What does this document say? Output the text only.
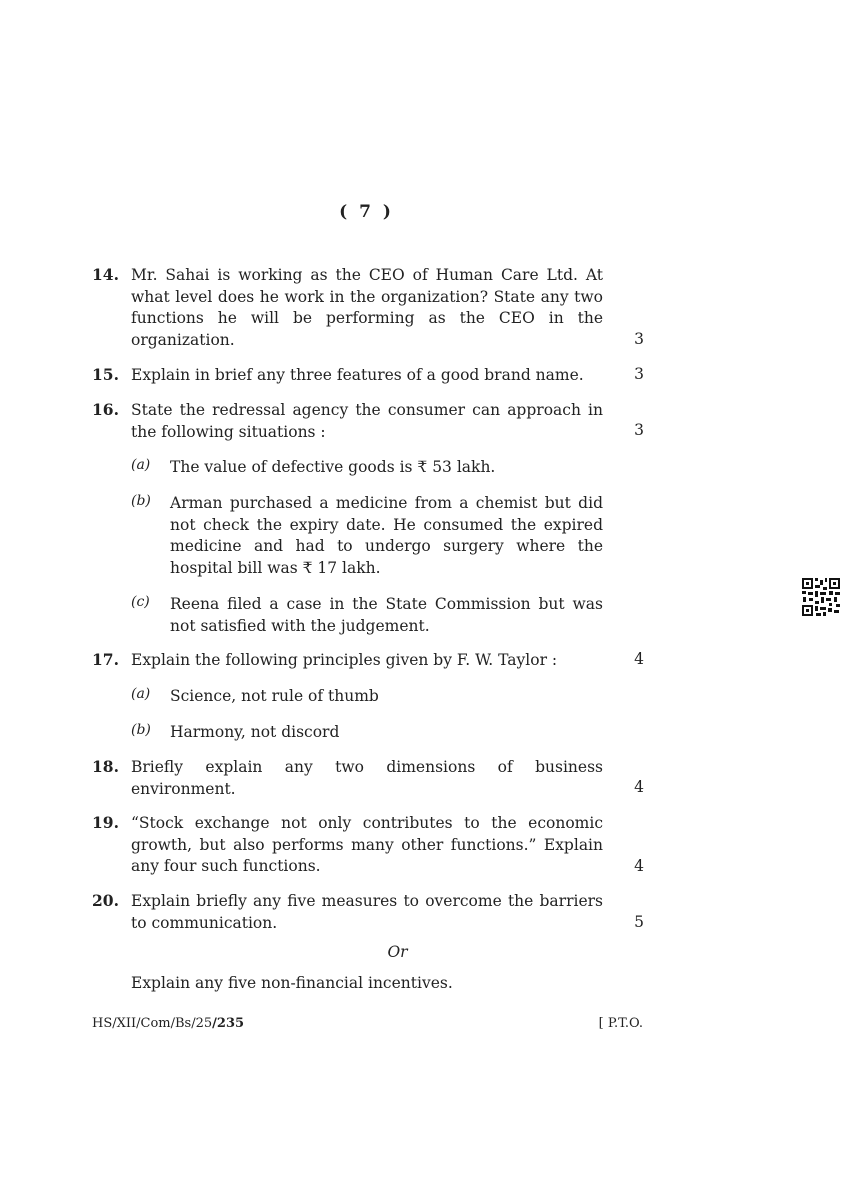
( 7 )
14. Mr. Sahai is working as the CEO of Human Care Ltd. At what level does he work in the organization? State any two functions he will be performing as the CEO in the organization.	3
15. Explain in brief any three features of a good brand name.	3
16. State the redressal agency the consumer can approach in the following situations :	3
(a) The value of defective goods is ₹ 53 lakh.
(b) Arman purchased a medicine from a chemist but did not check the expiry date. He consumed the expired medicine and had to undergo surgery where the hospital bill was ₹ 17 lakh.
(c) Reena filed a case in the State Commission but was not satisfied with the judgement.
17. Explain the following principles given by F. W. Taylor :	4
(a) Science, not rule of thumb
(b) Harmony, not discord
18. Briefly explain any two dimensions of business environment.	4
19. “Stock exchange not only contributes to the economic growth, but also performs many other functions.” Explain any four such functions.	4
20. Explain briefly any five measures to overcome the barriers to communication.	5
Or
Explain any five non-financial incentives.
HS/XII/Com/Bs/25/235	[ P.T.O.
